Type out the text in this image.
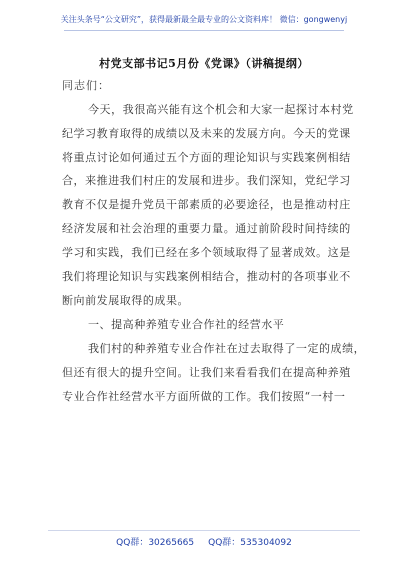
关注头条号“公文研究”，获得最新最全最专业的公文资料库！ 微信：gongwenyj
村党支部书记5月份《党课》（讲稿提纲）
同志们：
今天，我很高兴能有这个机会和大家一起探讨本村党
纪学习教育取得的成绩以及未来的发展方向。今天的党课
将重点讨论如何通过五个方面的理论知识与实践案例相结
合，来推进我们村庄的发展和进步。我们深知，党纪学习
教育不仅是提升党员干部素质的必要途径，也是推动村庄
经济发展和社会治理的重要力量。通过前阶段时间持续的
学习和实践，我们已经在多个领域取得了显著成效。这是
我们将理论知识与实践案例相结合，推动村的各项事业不
断向前发展取得的成果。
一、提高种养殖专业合作社的经营水平
我们村的种养殖专业合作社在过去取得了一定的成绩，
但还有很大的提升空间。让我们来看看我们在提高种养殖
专业合作社经营水平方面所做的工作。我们按照“一村一
QQ群：30265665 QQ群：535304092
